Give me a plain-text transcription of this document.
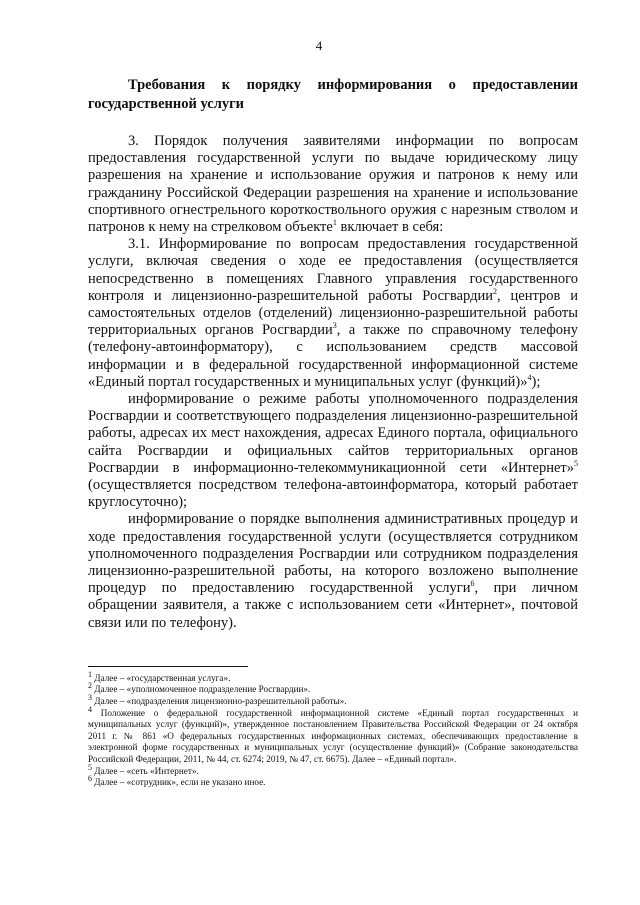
4
Требования к порядку информирования о предоставлении государственной услуги

3. Порядок получения заявителями информации по вопросам предоставления государственной услуги по выдаче юридическому лицу разрешения на хранение и использование оружия и патронов к нему или гражданину Российской Федерации разрешения на хранение и использование спортивного огнестрельного короткоствольного оружия с нарезным стволом и патронов к нему на стрелковом объекте$^1$ включает в себя:

3.1. Информирование по вопросам предоставления государственной услуги, включая сведения о ходе ее предоставления (осуществляется непосредственно в помещениях Главного управления государственного контроля и лицензионно-разрешительной работы Росгвардии$^2$, центров и самостоятельных отделов (отделений) лицензионно-разрешительной работы территориальных органов Росгвардии$^3$, а также по справочному телефону (телефону-автоинформатору), с использованием средств массовой информации и в федеральной государственной информационной системе «Единый портал государственных и муниципальных услуг (функций)»$^4$);

информирование о режиме работы уполномоченного подразделения Росгвардии и соответствующего подразделения лицензионно-разрешительной работы, адресах их мест нахождения, адресах Единого портала, официального сайта Росгвардии и официальных сайтов территориальных органов Росгвардии в информационно-телекоммуникационной сети «Интернет»$^5$ (осуществляется посредством телефона-автоинформатора, который работает круглосуточно);

информирование о порядке выполнения административных процедур и ходе предоставления государственной услуги (осуществляется сотрудником уполномоченного подразделения Росгвардии или сотрудником подразделения лицензионно-разрешительной работы, на которого возложено выполнение процедур по предоставлению государственной услуги$^6$, при личном обращении заявителя, а также с использованием сети «Интернет», почтовой связи или по телефону).

$^1$ Далее – «государственная услуга».
$^2$ Далее – «уполномоченное подразделение Росгвардии».
$^3$ Далее – «подразделения лицензионно-разрешительной работы».
$^4$ Положение о федеральной государственной информационной системе «Единый портал государственных и муниципальных услуг (функций)», утвержденное постановлением Правительства Российской Федерации от 24 октября 2011 г. № 861 «О федеральных государственных информационных системах, обеспечивающих предоставление в электронной форме государственных и муниципальных услуг (осуществление функций)» (Собрание законодательства Российской Федерации, 2011, № 44, ст. 6274; 2019, № 47, ст. 6675). Далее – «Единый портал».
$^5$ Далее – «сеть «Интернет».
$^6$ Далее – «сотрудник», если не указано иное.
